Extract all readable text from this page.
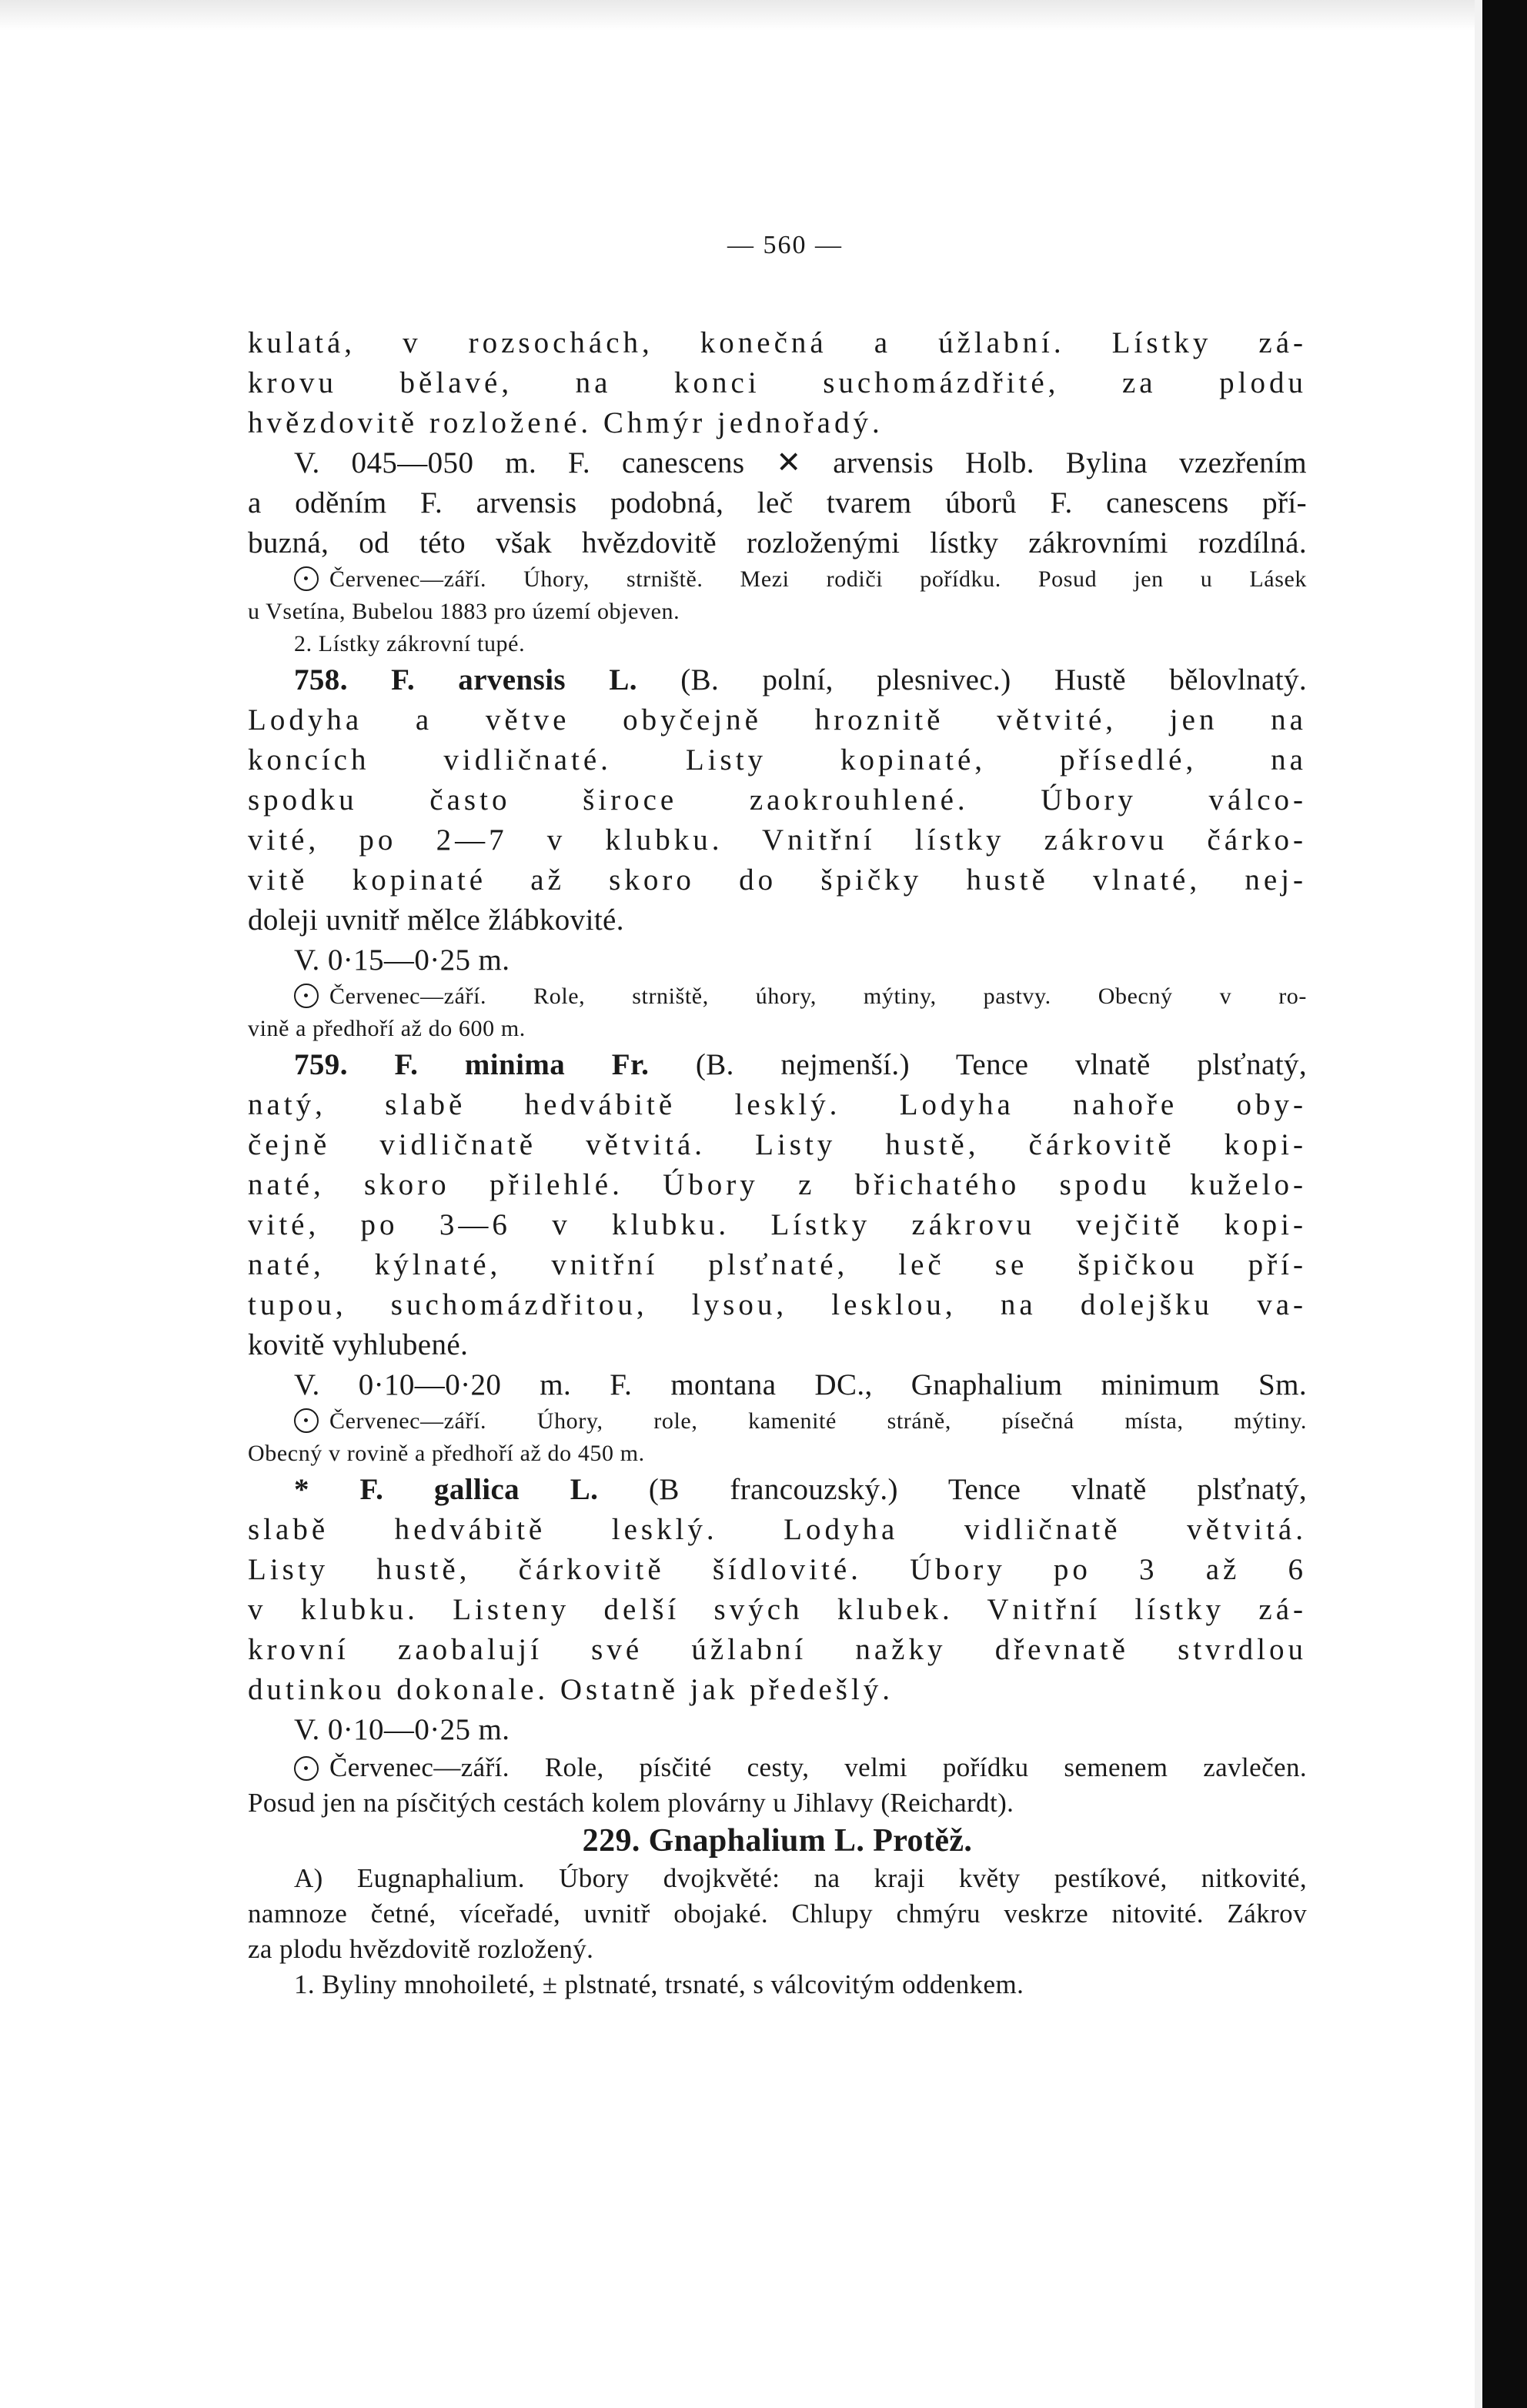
— 560 —
kulatá, v rozsochách, konečná a úžlabní. Lístky zá-
krovu bělavé, na konci suchomázdřité, za plodu
hvězdovitě rozložené. Chmýr jednořadý.
V. 045—050 m. F. canescens ✕ arvensis Holb. Bylina vzezřením
a oděním F. arvensis podobná, leč tvarem úborů F. canescens pří-
buzná, od této však hvězdovitě rozloženými lístky zákrovními rozdílná.
Červenec—září. Úhory, strniště. Mezi rodiči pořídku. Posud jen u Lásek
u Vsetína, Bubelou 1883 pro území objeven.
2. Lístky zákrovní tupé.
758. F. arvensis L. (B. polní, plesnivec.) Hustě bělovlnatý.
Lodyha a větve obyčejně hroznitě větvité, jen na
koncích vidličnaté. Listy kopinaté, přísedlé, na
spodku často široce zaokrouhlené. Úbory válco-
vité, po 2—7 v klubku. Vnitřní lístky zákrovu čárko-
vitě kopinaté až skoro do špičky hustě vlnaté, nej-
doleji uvnitř mělce žlábkovité.
V. 0·15—0·25 m.
Červenec—září. Role, strniště, úhory, mýtiny, pastvy. Obecný v ro-
vině a předhoří až do 600 m.
759. F. minima Fr. (B. nejmenší.) Tence vlnatě plsťnatý,
natý, slabě hedvábitě lesklý. Lodyha nahoře oby-
čejně vidličnatě větvitá. Listy hustě, čárkovitě kopi-
naté, skoro přilehlé. Úbory z břichatého spodu kuželo-
vité, po 3—6 v klubku. Lístky zákrovu vejčitě kopi-
naté, kýlnaté, vnitřní plsťnaté, leč se špičkou pří-
tupou, suchomázdřitou, lysou, lesklou, na dolejšku va-
kovitě vyhlubené.
V. 0·10—0·20 m. F. montana DC., Gnaphalium minimum Sm.
Červenec—září. Úhory, role, kamenité stráně, písečná místa, mýtiny.
Obecný v rovině a předhoří až do 450 m.
* F. gallica L. (B francouzský.) Tence vlnatě plsťnatý,
slabě hedvábitě lesklý. Lodyha vidličnatě větvitá.
Listy hustě, čárkovitě šídlovité. Úbory po 3 až 6
v klubku. Listeny delší svých klubek. Vnitřní lístky zá-
krovní zaobalují své úžlabní nažky dřevnatě stvrdlou
dutinkou dokonale. Ostatně jak předešlý.
V. 0·10—0·25 m.
Červenec—září. Role, písčité cesty, velmi pořídku semenem zavlečen.
Posud jen na písčitých cestách kolem plovárny u Jihlavy (Reichardt).
229. Gnaphalium L. Protěž.
A) Eugnaphalium. Úbory dvojkvěté: na kraji květy pestíkové, nitkovité,
namnoze četné, víceřadé, uvnitř obojaké. Chlupy chmýru veskrze nitovité. Zákrov
za plodu hvězdovitě rozložený.
1. Byliny mnohoileté, ± plstnaté, trsnaté, s válcovitým oddenkem.
